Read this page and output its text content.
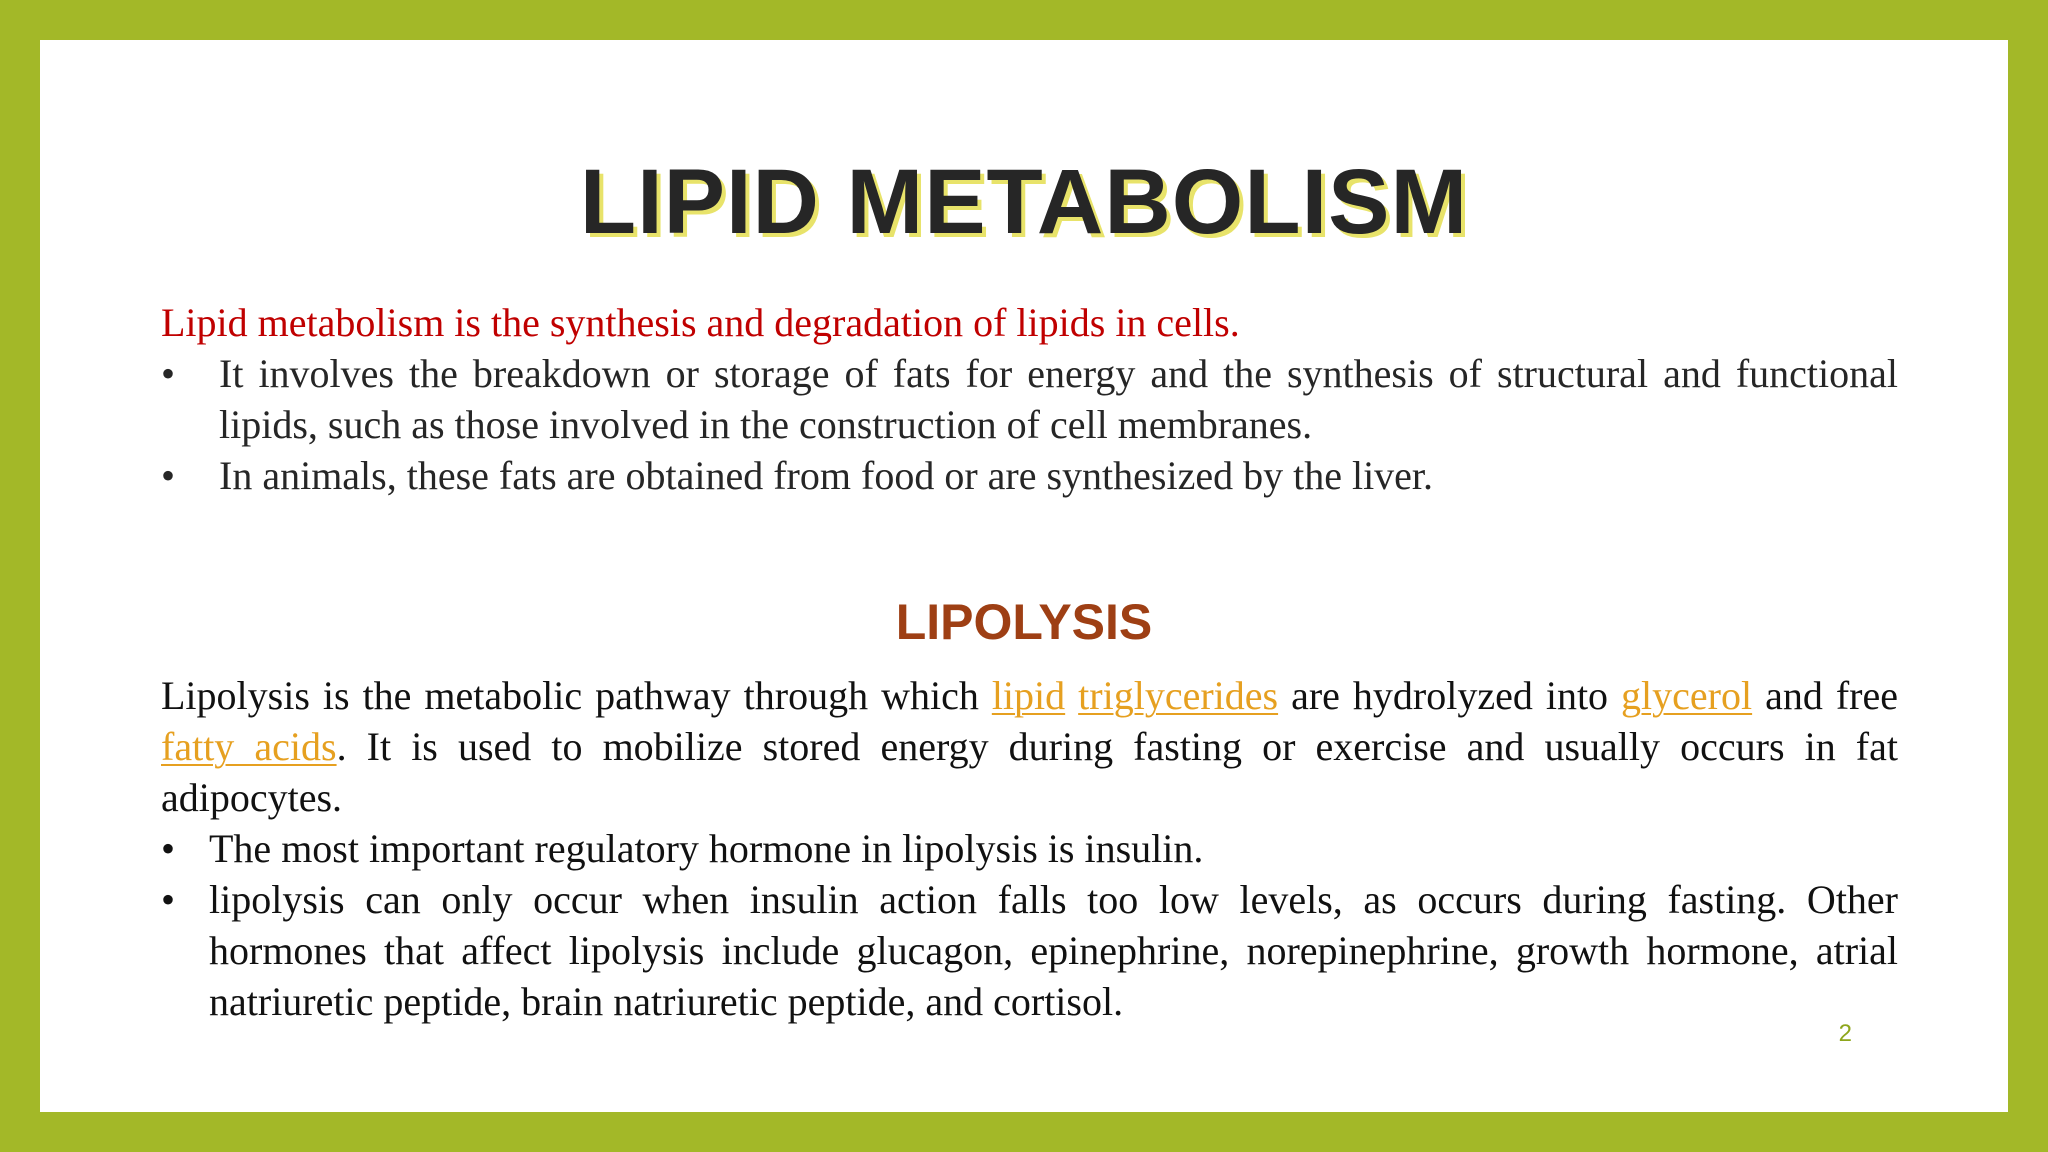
LIPID METABOLISM
Lipid metabolism is the synthesis and degradation of lipids in cells.
• It involves the breakdown or storage of fats for energy and the synthesis of structural and functional lipids, such as those involved in the construction of cell membranes.
• In animals, these fats are obtained from food or are synthesized by the liver.
LIPOLYSIS
Lipolysis is the metabolic pathway through which lipid triglycerides are hydrolyzed into glycerol and free fatty acids. It is used to mobilize stored energy during fasting or exercise and usually occurs in fat adipocytes.
• The most important regulatory hormone in lipolysis is insulin.
• lipolysis can only occur when insulin action falls too low levels, as occurs during fasting. Other hormones that affect lipolysis include glucagon, epinephrine, norepinephrine, growth hormone, atrial natriuretic peptide, brain natriuretic peptide, and cortisol.
2
